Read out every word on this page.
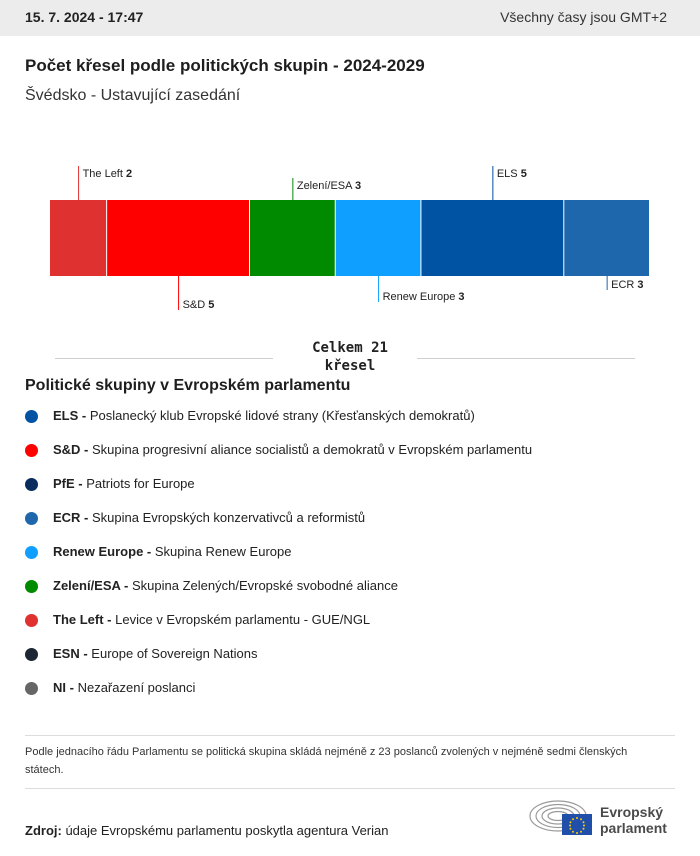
15. 7. 2024 - 17:47	Všechny časy jsou GMT+2
Počet křesel podle politických skupin - 2024-2029
Švédsko - Ustavující zasedání
The Left 2
S&D 5
Zelení/ESA 3
Renew Europe 3
ELS 5
ECR 3
Celkem 21
křesel
Politické skupiny v Evropském parlamentu
ELS - Poslanecký klub Evropské lidové strany (Křesťanských demokratů)
S&D - Skupina progresivní aliance socialistů a demokratů v Evropském parlamentu
PfE - Patriots for Europe
ECR - Skupina Evropských konzervativců a reformistů
Renew Europe - Skupina Renew Europe
Zelení/ESA - Skupina Zelených/Evropské svobodné aliance
The Left - Levice v Evropském parlamentu - GUE/NGL
ESN - Europe of Sovereign Nations
NI - Nezařazení poslanci
Podle jednacího řádu Parlamentu se politická skupina skládá nejméně z 23 poslanců zvolených v nejméně sedmi členských státech.
Zdroj: údaje Evropskému parlamentu poskytla agentura Verian
Evropský
parlament
